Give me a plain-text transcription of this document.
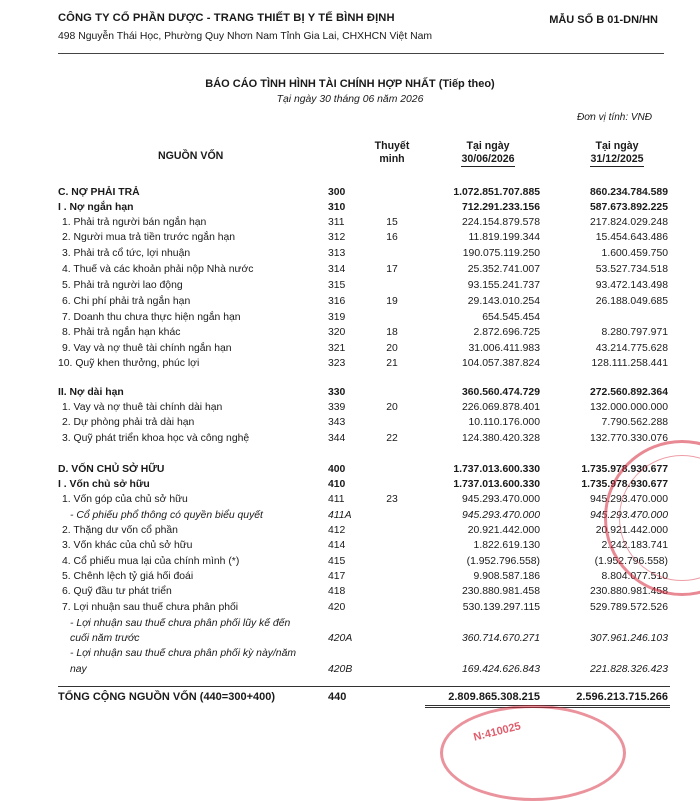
CÔNG TY CỔ PHẦN DƯỢC - TRANG THIẾT BỊ Y TẾ BÌNH ĐỊNH
498 Nguyễn Thái Học, Phường Quy Nhơn Nam Tỉnh Gia Lai, CHXHCN Việt Nam
MẪU SỐ B 01-DN/HN
BÁO CÁO TÌNH HÌNH TÀI CHÍNH HỢP NHẤT (Tiếp theo)
Tại ngày 30 tháng 06 năm 2026
Đơn vị tính: VNĐ
NGUỒN VỐN
Thuyết
minh
Tại ngày
30/06/2026
Tại ngày
31/12/2025
C. NỢ PHẢI TRẢ	300	1.072.851.707.885	860.234.784.589
I . Nợ ngắn hạn	310	712.291.233.156	587.673.892.225
1. Phải trả người bán ngắn hạn	311	15	224.154.879.578	217.824.029.248
2. Người mua trả tiền trước ngắn hạn	312	16	11.819.199.344	15.454.643.486
3. Phải trả cổ tức, lợi nhuận	313	190.075.119.250	1.600.459.750
4. Thuế và các khoản phải nộp Nhà nước	314	17	25.352.741.007	53.527.734.518
5. Phải trả người lao động	315	93.155.241.737	93.472.143.498
6. Chi phí phải trả ngắn hạn	316	19	29.143.010.254	26.188.049.685
7. Doanh thu chưa thực hiện ngắn hạn	319	654.545.454
8. Phải trả ngắn hạn khác	320	18	2.872.696.725	8.280.797.971
9. Vay và nợ thuê tài chính ngắn hạn	321	20	31.006.411.983	43.214.775.628
10. Quỹ khen thưởng, phúc lợi	323	21	104.057.387.824	128.111.258.441
II. Nợ dài hạn	330	360.560.474.729	272.560.892.364
1. Vay và nợ thuê tài chính dài hạn	339	20	226.069.878.401	132.000.000.000
2. Dự phòng phải trả dài hạn	343	10.110.176.000	7.790.562.288
3. Quỹ phát triển khoa học và công nghệ	344	22	124.380.420.328	132.770.330.076
D. VỐN CHỦ SỞ HỮU	400	1.737.013.600.330	1.735.978.930.677
I . Vốn chủ sở hữu	410	1.737.013.600.330	1.735.978.930.677
1. Vốn góp của chủ sở hữu	411	23	945.293.470.000	945.293.470.000
- Cổ phiếu phổ thông có quyền biểu quyết	411A	945.293.470.000	945.293.470.000
2. Thặng dư vốn cổ phần	412	20.921.442.000	20.921.442.000
3. Vốn khác của chủ sở hữu	414	1.822.619.130	2.242.183.741
4. Cổ phiếu mua lại của chính mình (*)	415	(1.952.796.558)	(1.952.796.558)
5. Chênh lệch tỷ giá hối đoái	417	9.908.587.186	8.804.077.510
6. Quỹ đầu tư phát triển	418	230.880.981.458	230.880.981.458
7. Lợi nhuận sau thuế chưa phân phối	420	530.139.297.115	529.789.572.526
- Lợi nhuận sau thuế chưa phân phối lũy kế đến
cuối năm trước	420A	360.714.670.271	307.961.246.103
- Lợi nhuận sau thuế chưa phân phối kỳ này/năm
nay	420B	169.424.626.843	221.828.326.423
TỔNG CỘNG NGUỒN VỐN (440=300+400)	440	2.809.865.308.215	2.596.213.715.266
N:410025
